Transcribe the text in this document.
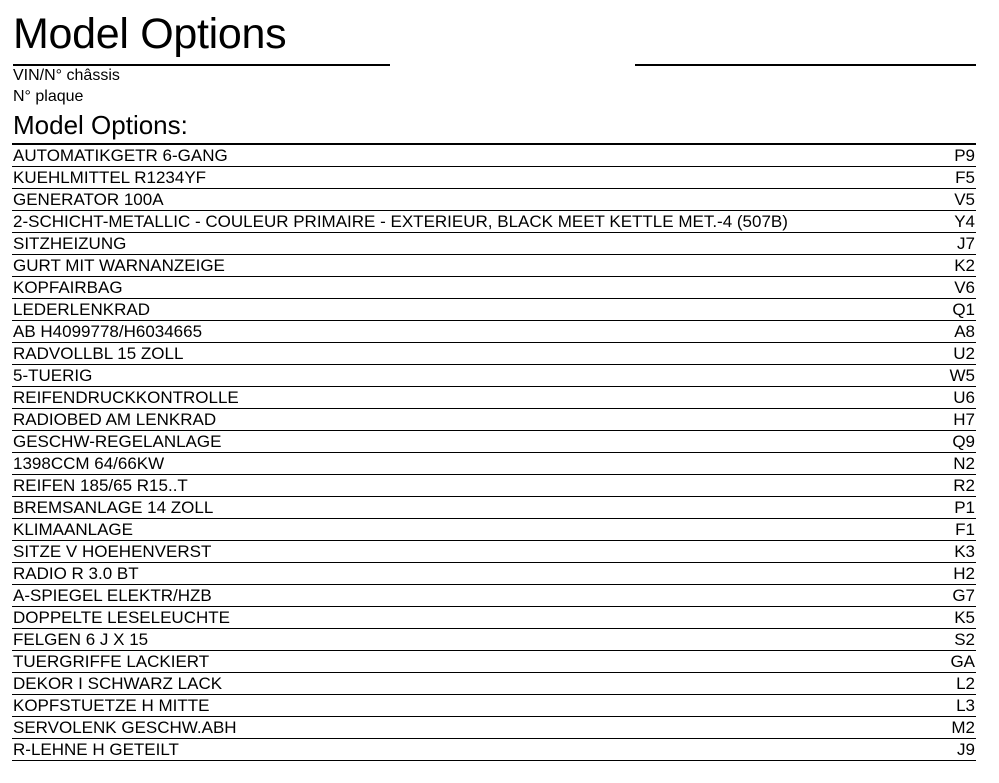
Model Options
VIN/N° châssis
N° plaque
Model Options:
AUTOMATIKGETR 6-GANG	P9
KUEHLMITTEL R1234YF	F5
GENERATOR 100A	V5
2-SCHICHT-METALLIC - COULEUR PRIMAIRE - EXTERIEUR, BLACK MEET KETTLE MET.-4 (507B)	Y4
SITZHEIZUNG	J7
GURT MIT WARNANZEIGE	K2
KOPFAIRBAG	V6
LEDERLENKRAD	Q1
AB H4099778/H6034665	A8
RADVOLLBL 15 ZOLL	U2
5-TUERIG	W5
REIFENDRUCKKONTROLLE	U6
RADIOBED AM LENKRAD	H7
GESCHW-REGELANLAGE	Q9
1398CCM 64/66KW	N2
REIFEN 185/65 R15..T	R2
BREMSANLAGE 14 ZOLL	P1
KLIMAANLAGE	F1
SITZE V HOEHENVERST	K3
RADIO R 3.0 BT	H2
A-SPIEGEL ELEKTR/HZB	G7
DOPPELTE LESELEUCHTE	K5
FELGEN 6 J X 15	S2
TUERGRIFFE LACKIERT	GA
DEKOR I SCHWARZ LACK	L2
KOPFSTUETZE H MITTE	L3
SERVOLENK GESCHW.ABH	M2
R-LEHNE H GETEILT	J9
